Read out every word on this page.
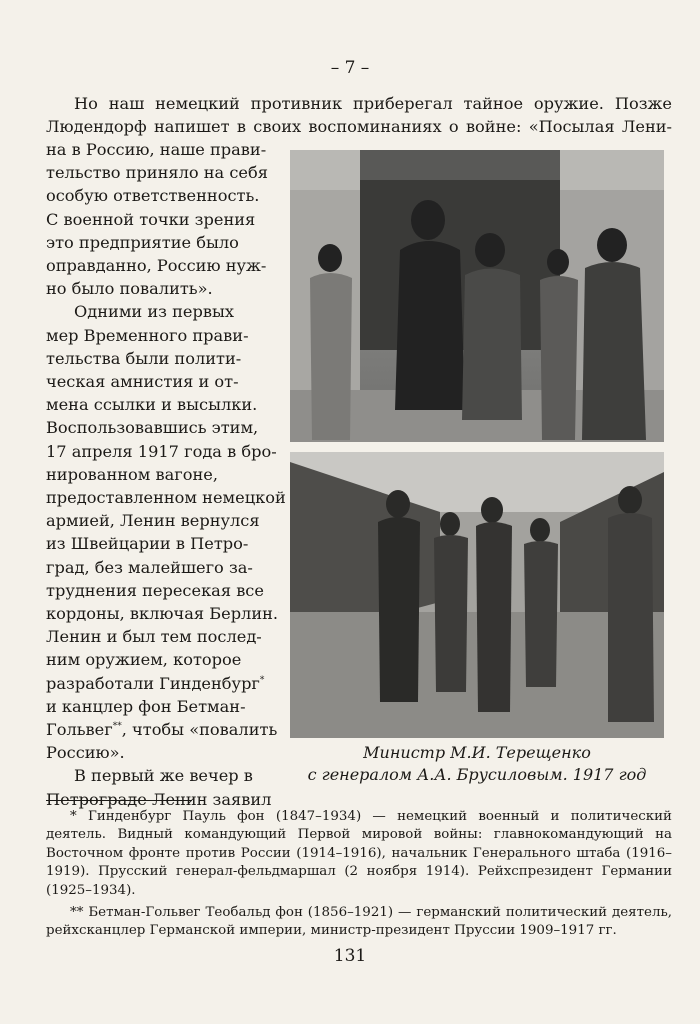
– 7 –
Но наш немецкий противник приберегал тайное оружие. Позже
Людендорф напишет в своих воспоминаниях о войне: «Посылая Лени-
на в Россию, наше прави-
тельство приняло на себя
особую ответственность.
С военной точки зрения
это предприятие было
оправданно, Россию нуж-
но было повалить».
Одними из первых
мер Временного прави-
тельства были полити-
ческая амнистия и от-
мена ссылки и высылки.
Воспользовавшись этим,
17 апреля 1917 года в бро-
нированном вагоне,
предоставленном немецкой
армией, Ленин вернулся
из Швейцарии в Петро-
град, без малейшего за-
труднения пересекая все
кордоны, включая Берлин.
Ленин и был тем послед-
ним оружием, которое
разработали Гинденбург*
и канцлер фон Бетман-
Гольвег**, чтобы «повалить
Россию».
В первый же вечер в
Петрограде Ленин заявил
Министр М.И. Терещенко
с генералом А.А. Брусиловым. 1917 год

* Гинденбург Пауль фон (1847–1934) — немецкий военный и политический деятель. Видный командующий Первой мировой войны: главнокомандующий на Восточном фронте против России (1914–1916), начальник Генерального штаба (1916–1919). Прусский генерал-фельдмаршал (2 ноября 1914). Рейхспрезидент Германии (1925–1934).

** Бетман-Гольвег Теобальд фон (1856–1921) — германский политический деятель, рейхсканцлер Германской империи, министр-президент Пруссии 1909–1917 гг.

131
